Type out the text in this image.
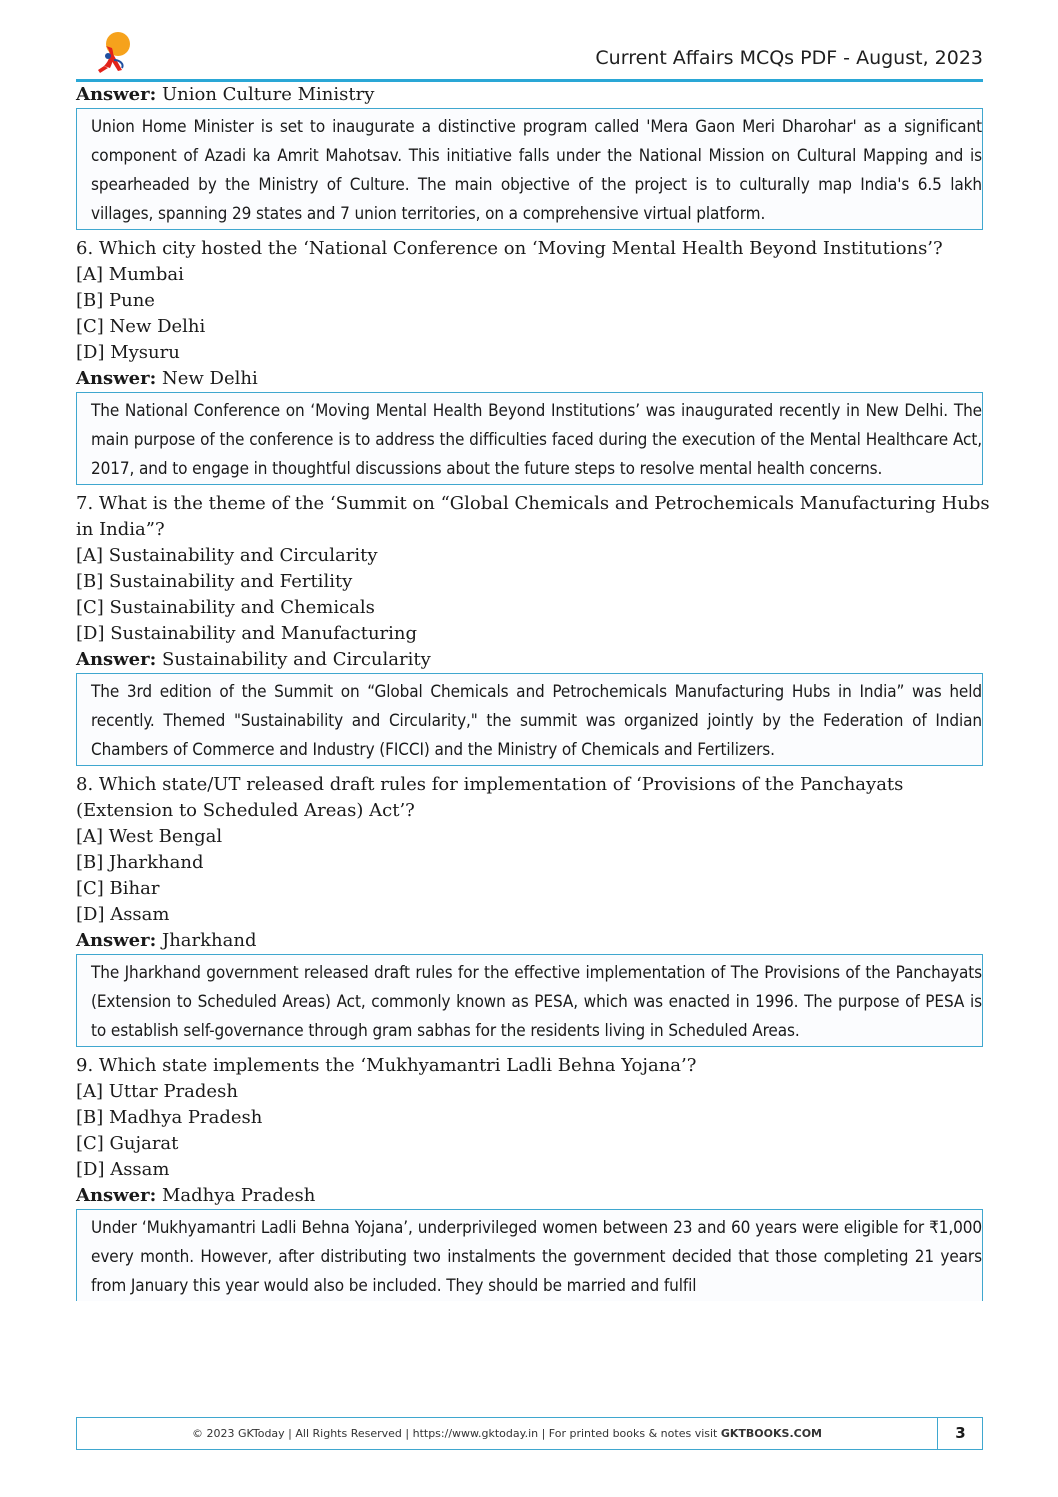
Current Affairs MCQs PDF - August, 2023
Answer: Union Culture Ministry
Union Home Minister is set to inaugurate a distinctive program called 'Mera Gaon Meri Dharohar' as a significant component of Azadi ka Amrit Mahotsav. This initiative falls under the National Mission on Cultural Mapping and is spearheaded by the Ministry of Culture. The main objective of the project is to culturally map India's 6.5 lakh villages, spanning 29 states and 7 union territories, on a comprehensive virtual platform.
6. Which city hosted the ‘National Conference on ‘Moving Mental Health Beyond Institutions’?
[A] Mumbai
[B] Pune
[C] New Delhi
[D] Mysuru
Answer: New Delhi
The National Conference on ‘Moving Mental Health Beyond Institutions’ was inaugurated recently in New Delhi. The main purpose of the conference is to address the difficulties faced during the execution of the Mental Healthcare Act, 2017, and to engage in thoughtful discussions about the future steps to resolve mental health concerns.
7. What is the theme of the ‘Summit on “Global Chemicals and Petrochemicals Manufacturing Hubs
in India”?
[A] Sustainability and Circularity
[B] Sustainability and Fertility
[C] Sustainability and Chemicals
[D] Sustainability and Manufacturing
Answer: Sustainability and Circularity
The 3rd edition of the Summit on “Global Chemicals and Petrochemicals Manufacturing Hubs in India” was held recently. Themed "Sustainability and Circularity," the summit was organized jointly by the Federation of Indian Chambers of Commerce and Industry (FICCI) and the Ministry of Chemicals and Fertilizers.
8. Which state/UT released draft rules for implementation of ‘Provisions of the Panchayats
(Extension to Scheduled Areas) Act’?
[A] West Bengal
[B] Jharkhand
[C] Bihar
[D] Assam
Answer: Jharkhand
The Jharkhand government released draft rules for the effective implementation of The Provisions of the Panchayats (Extension to Scheduled Areas) Act, commonly known as PESA, which was enacted in 1996. The purpose of PESA is to establish self-governance through gram sabhas for the residents living in Scheduled Areas.
9. Which state implements the ‘Mukhyamantri Ladli Behna Yojana’?
[A] Uttar Pradesh
[B] Madhya Pradesh
[C] Gujarat
[D] Assam
Answer: Madhya Pradesh
Under ‘Mukhyamantri Ladli Behna Yojana’, underprivileged women between 23 and 60 years were eligible for ₹1,000 every month. However, after distributing two instalments the government decided that those completing 21 years from January this year would also be included. They should be married and fulfil
© 2023 GKToday | All Rights Reserved | https://www.gktoday.in | For printed books & notes visit GKTBOOKS.COM	3
